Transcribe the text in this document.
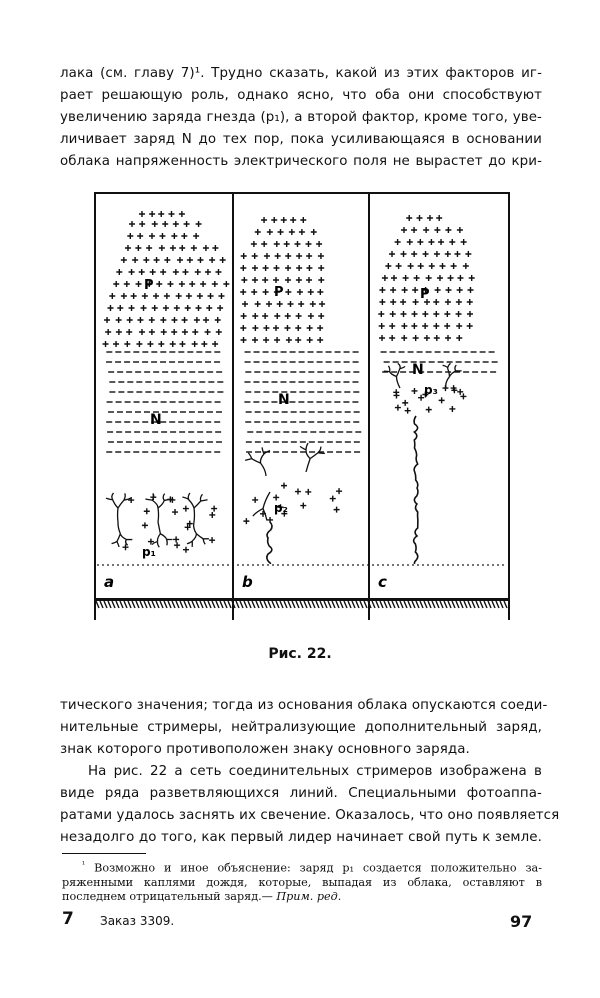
лака (см. главу 7)¹. Трудно сказать, какой из этих факторов иг-
рает решающую роль, однако ясно, что оба они способствуют
увеличению заряда гнезда (p₁), а второй фактор, кроме того, уве-
личивает заряд N до тех пор, пока усиливающаяся в основании
облака напряженность электрического поля не вырастет до кри-
a	b	c
P	P	P
N
N
N
p₁
p₂
p₃
Рис. 22.
тического значения; тогда из основания облака опускаются соеди-
нительные стримеры, нейтрализующие дополнительный заряд,
знак которого противоположен знаку основного заряда.
На рис. 22 a сеть соединительных стримеров изображена в
виде ряда разветвляющихся линий. Специальными фотоаппа-
ратами удалось заснять их свечение. Оказалось, что оно появляется
незадолго до того, как первый лидер начинает свой путь к земле.
$^{^1}$ Возможно и иное объяснение: заряд p₁ создается положительно за-
ряженными каплями дождя, которые, выпадая из облака, оставляют в
последнем отрицательный заряд.— Прим. ред.
7 Заказ 3309.	97
